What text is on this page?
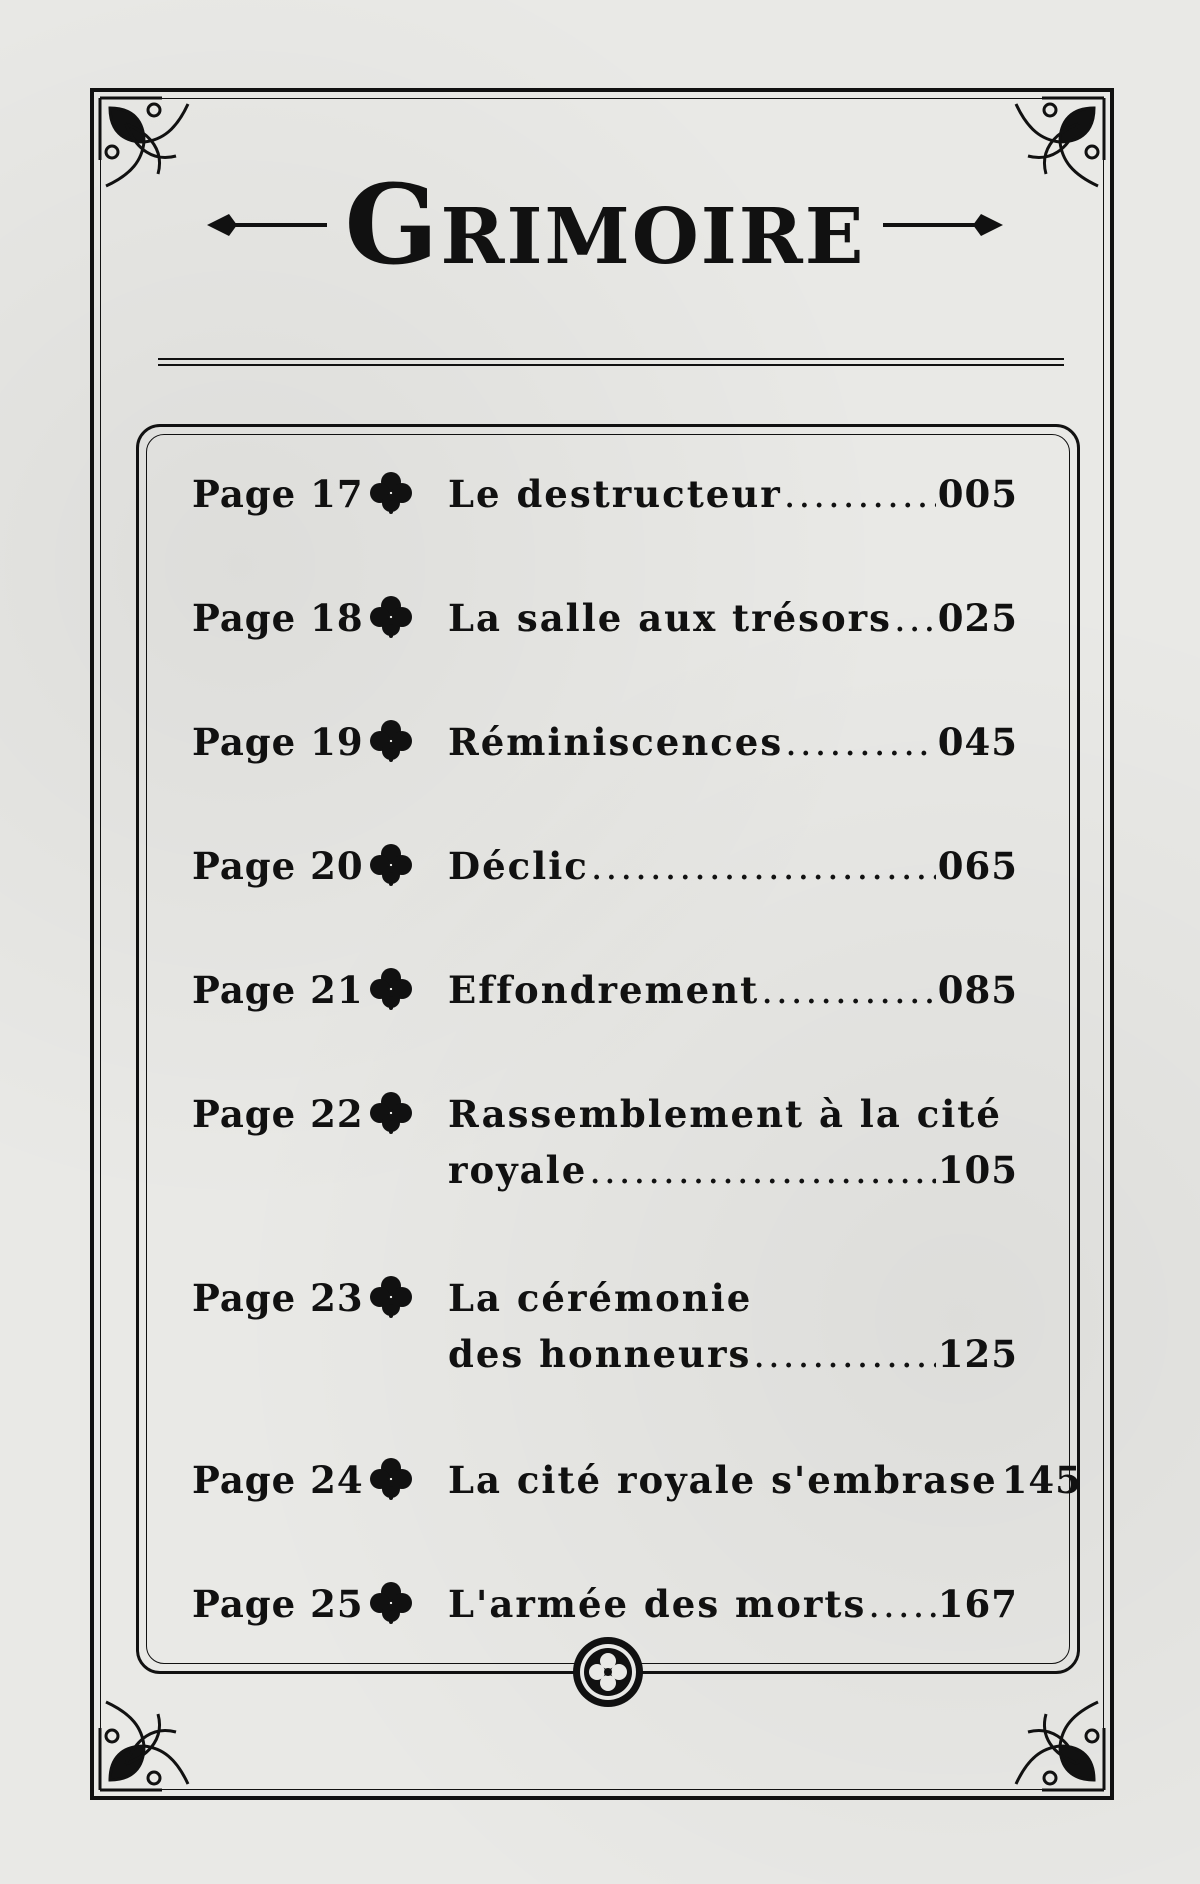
Grimoire
Page 17 Le destructeur .....	005
Page 18 La salle aux trésors ..... 025
Page 19 Réminiscences .....	045
Page 20 Déclic .....	065
Page 21 Effondrement .....	085
Page 22 Rassemblement à la cité
royale .....	105
Page 23 La cérémonie
des honneurs .....	125
Page 24 La cité royale s'embrase 145
Page 25 L'armée des morts ..... 167
